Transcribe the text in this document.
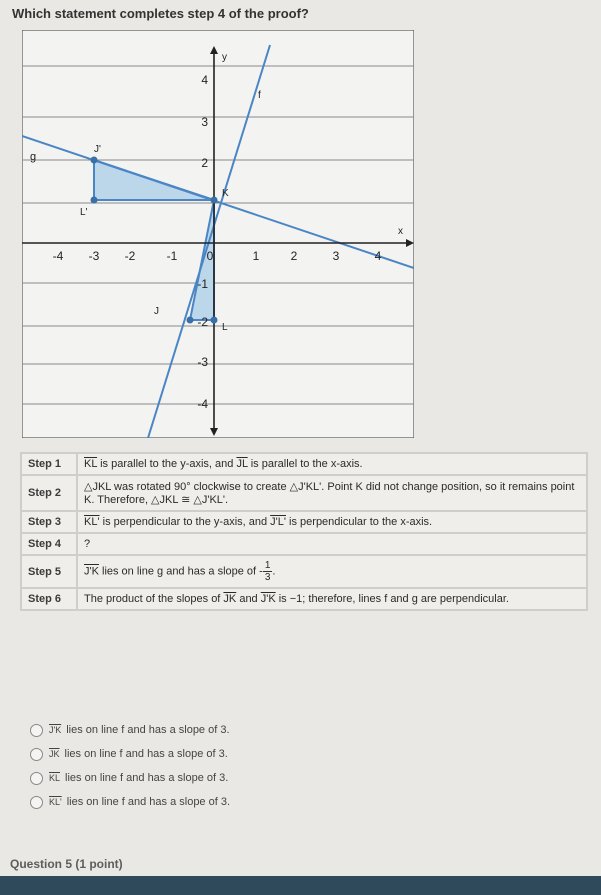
Which statement completes step 4 of the proof?
y
x
-4 -3 -2	-1 0	1	2	3	4
4
3
2
-1
-2
-3
-4
f
g
J'
L'
K
J
L
Step 1	$\overline{KL}$ is parallel to the y-axis, and $\overline{JL}$ is parallel to the x-axis.
Step 2	△JKL was rotated 90° clockwise to create △J'KL'. Point K did not change position, so it remains point K. Therefore, △JKL ≅ △J'KL'.
Step 3	KL' is perpendicular to the y-axis, and J'L' is perpendicular to the x-axis.
Step 4	?
Step 5	J'K lies on line g and has a slope of - $\frac{1}{3}$ .
Step 6	The product of the slopes of $\overline{JK}$ and J'K is −1; therefore, lines f and g are perpendicular.
J'K lies on line f and has a slope of 3.
$\overline{JK}$ lies on line f and has a slope of 3.
$\overline{KL}$ lies on line f and has a slope of 3.
KL' lies on line f and has a slope of 3.
Question 5 (1 point)
